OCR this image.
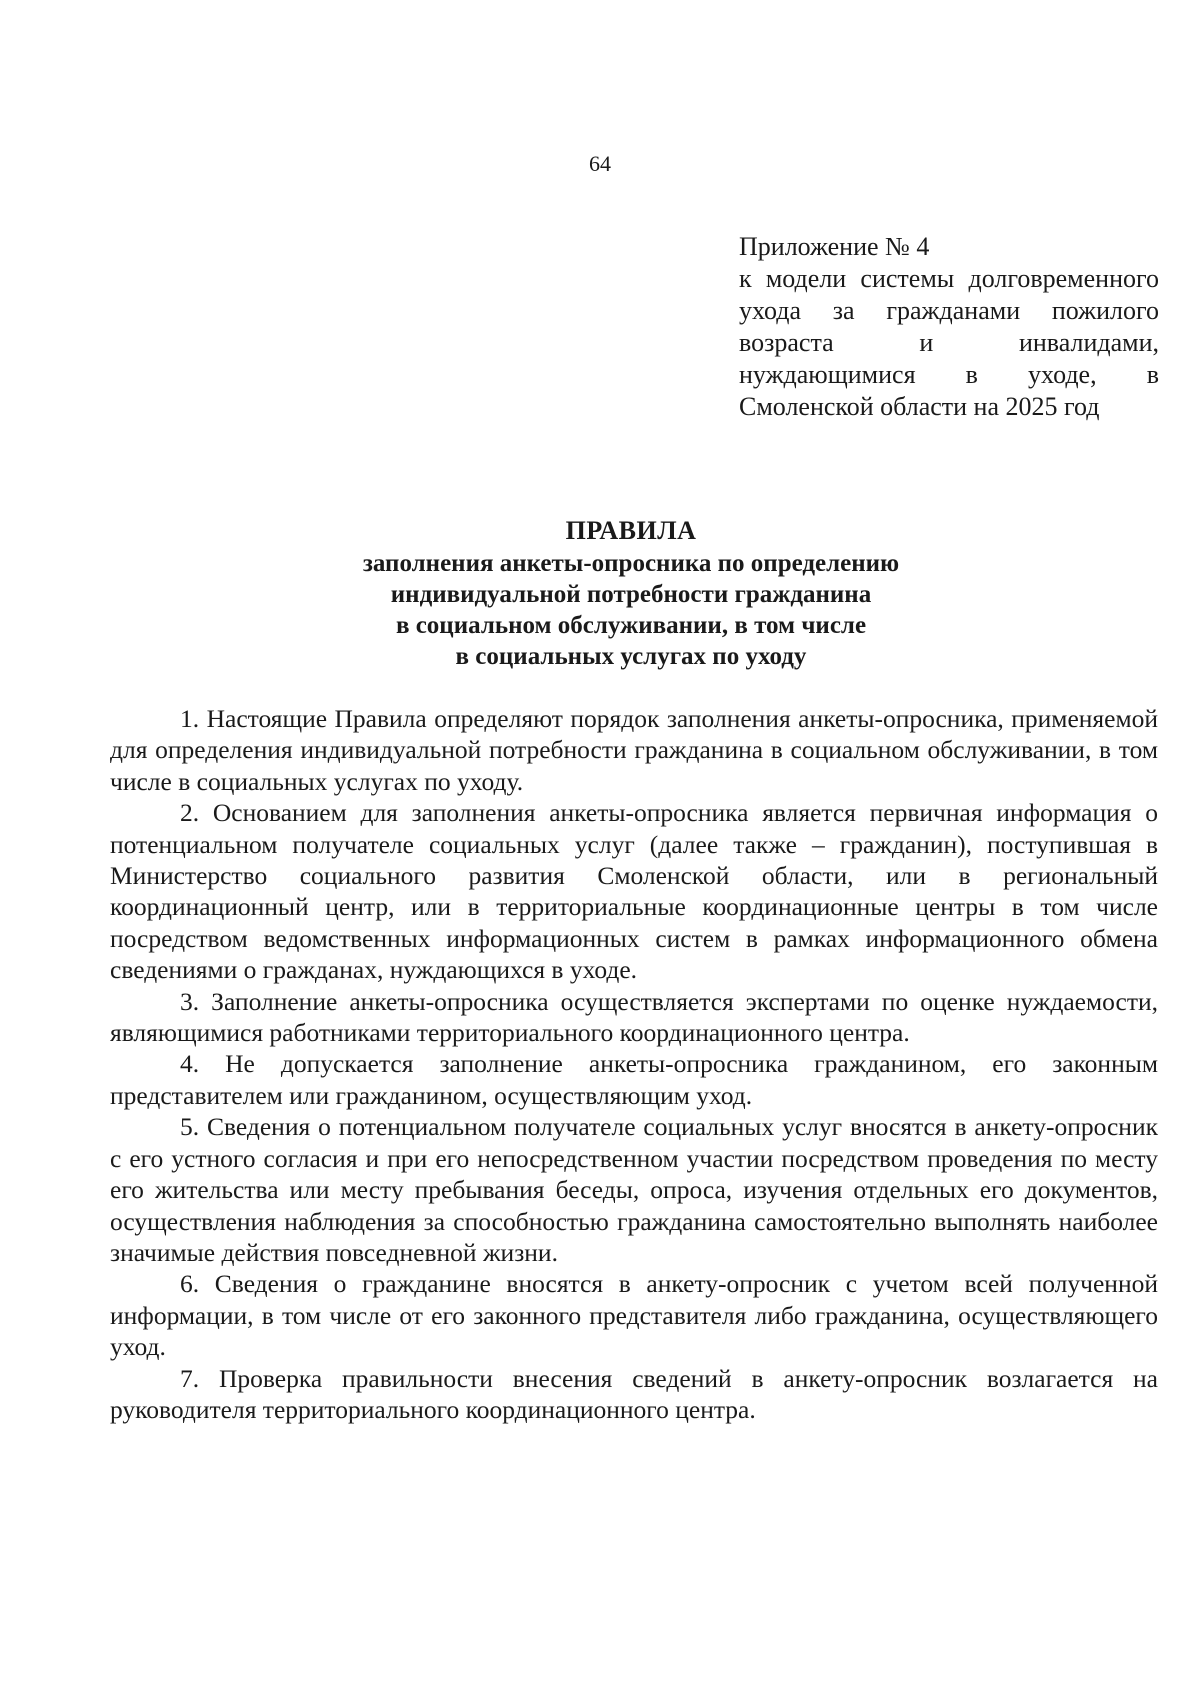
64
Приложение № 4
к модели системы долговременного ухода за гражданами пожилого возраста и инвалидами, нуждающимися в уходе, в Смоленской области на 2025 год
ПРАВИЛА
заполнения анкеты-опросника по определению
индивидуальной потребности гражданина
в социальном обслуживании, в том числе
в социальных услугах по уходу

1. Настоящие Правила определяют порядок заполнения анкеты-опросника, применяемой для определения индивидуальной потребности гражданина в социальном обслуживании, в том числе в социальных услугах по уходу.

2. Основанием для заполнения анкеты-опросника является первичная информация о потенциальном получателе социальных услуг (далее также – гражданин), поступившая в Министерство социального развития Смоленской области, или в региональный координационный центр, или в территориальные координационные центры в том числе посредством ведомственных информационных систем в рамках информационного обмена сведениями о гражданах, нуждающихся в уходе.

3. Заполнение анкеты-опросника осуществляется экспертами по оценке нуждаемости, являющимися работниками территориального координационного центра.

4. Не допускается заполнение анкеты-опросника гражданином, его законным представителем или гражданином, осуществляющим уход.

5. Сведения о потенциальном получателе социальных услуг вносятся в анкету-опросник с его устного согласия и при его непосредственном участии посредством проведения по месту его жительства или месту пребывания беседы, опроса, изучения отдельных его документов, осуществления наблюдения за способностью гражданина самостоятельно выполнять наиболее значимые действия повседневной жизни.

6. Сведения о гражданине вносятся в анкету-опросник с учетом всей полученной информации, в том числе от его законного представителя либо гражданина, осуществляющего уход.

7. Проверка правильности внесения сведений в анкету-опросник возлагается на руководителя территориального координационного центра.
